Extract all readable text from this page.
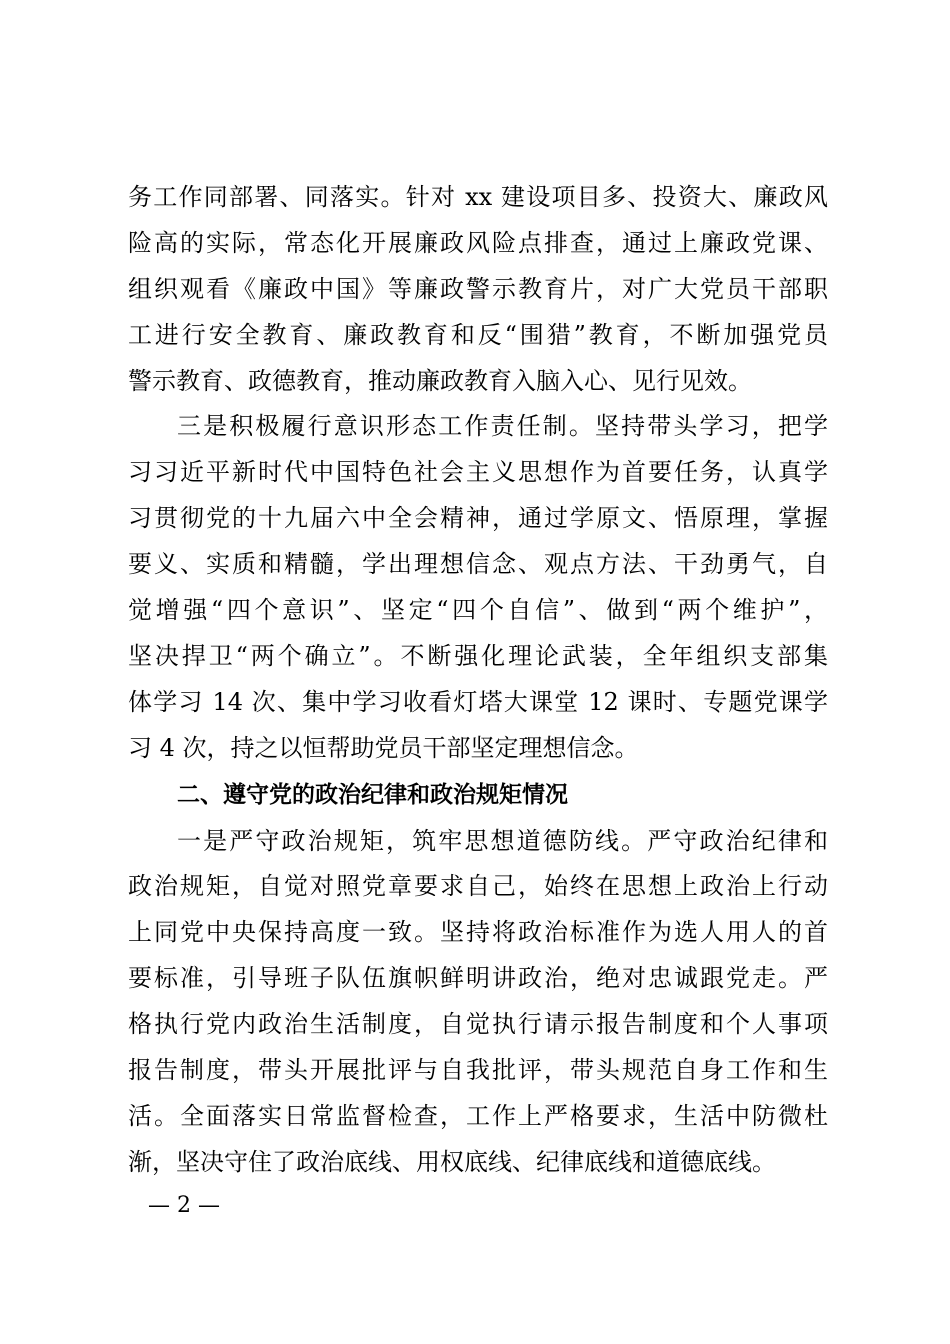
务工作同部署、同落实。针对 xx 建设项目多、投资大、廉政风
险高的实际，常态化开展廉政风险点排查，通过上廉政党课、
组织观看《廉政中国》等廉政警示教育片，对广大党员干部职
工进行安全教育、廉政教育和反“围猎”教育，不断加强党员
警示教育、政德教育，推动廉政教育入脑入心、见行见效。
三是积极履行意识形态工作责任制。坚持带头学习，把学
习习近平新时代中国特色社会主义思想作为首要任务，认真学
习贯彻党的十九届六中全会精神，通过学原文、悟原理，掌握
要义、实质和精髓，学出理想信念、观点方法、干劲勇气，自
觉增强“四个意识”、坚定“四个自信”、做到“两个维护”，
坚决捍卫“两个确立”。不断强化理论武装，全年组织支部集
体学习 14 次、集中学习收看灯塔大课堂 12 课时、专题党课学
习 4 次，持之以恒帮助党员干部坚定理想信念。
二、遵守党的政治纪律和政治规矩情况
一是严守政治规矩，筑牢思想道德防线。严守政治纪律和
政治规矩，自觉对照党章要求自己，始终在思想上政治上行动
上同党中央保持高度一致。坚持将政治标准作为选人用人的首
要标准，引导班子队伍旗帜鲜明讲政治，绝对忠诚跟党走。严
格执行党内政治生活制度，自觉执行请示报告制度和个人事项
报告制度，带头开展批评与自我批评，带头规范自身工作和生
活。全面落实日常监督检查，工作上严格要求，生活中防微杜
渐，坚决守住了政治底线、用权底线、纪律底线和道德底线。
— 2 —
